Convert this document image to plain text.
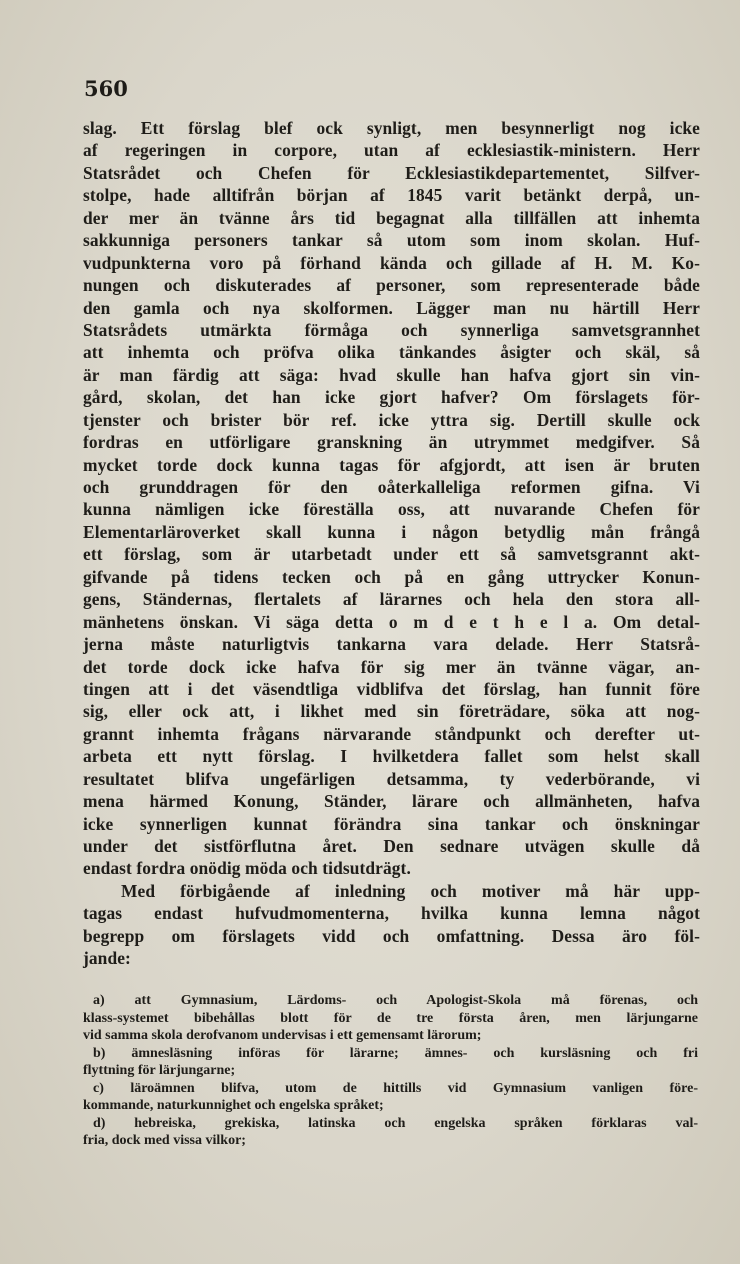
560
slag. Ett förslag blef ock synligt, men besynnerligt nog icke
af regeringen in corpore, utan af ecklesiastik-ministern. Herr
Statsrådet och Chefen för Ecklesiastikdepartementet, Silfver-
stolpe, hade alltifrån början af 1845 varit betänkt derpå, un-
der mer än tvänne års tid begagnat alla tillfällen att inhemta
sakkunniga personers tankar så utom som inom skolan. Huf-
vudpunkterna voro på förhand kända och gillade af H. M. Ko-
nungen och diskuterades af personer, som representerade både
den gamla och nya skolformen. Lägger man nu härtill Herr
Statsrådets utmärkta förmåga och synnerliga samvetsgrannhet
att inhemta och pröfva olika tänkandes åsigter och skäl, så
är man färdig att säga: hvad skulle han hafva gjort sin vin-
gård, skolan, det han icke gjort hafver? Om förslagets för-
tjenster och brister bör ref. icke yttra sig. Dertill skulle ock
fordras en utförligare granskning än utrymmet medgifver. Så
mycket torde dock kunna tagas för afgjordt, att isen är bruten
och grunddragen för den oåterkalleliga reformen gifna. Vi
kunna nämligen icke föreställa oss, att nuvarande Chefen för
Elementarläroverket skall kunna i någon betydlig mån frångå
ett förslag, som är utarbetadt under ett så samvetsgrannt akt-
gifvande på tidens tecken och på en gång uttrycker Konun-
gens, Ständernas, flertalets af lärarnes och hela den stora all-
mänhetens önskan. Vi säga detta o m d e t h e l a. Om detal-
jerna måste naturligtvis tankarna vara delade. Herr Statsrå-
det torde dock icke hafva för sig mer än tvänne vägar, an-
tingen att i det väsendtliga vidblifva det förslag, han funnit före
sig, eller ock att, i likhet med sin företrädare, söka att nog-
grannt inhemta frågans närvarande ståndpunkt och derefter ut-
arbeta ett nytt förslag. I hvilketdera fallet som helst skall
resultatet blifva ungefärligen detsamma, ty vederbörande, vi
mena härmed Konung, Ständer, lärare och allmänheten, hafva
icke synnerligen kunnat förändra sina tankar och önskningar
under det sistförflutna året. Den sednare utvägen skulle då
endast fordra onödig möda och tidsutdrägt.
Med förbigående af inledning och motiver må här upp-
tagas endast hufvudmomenterna, hvilka kunna lemna något
begrepp om förslagets vidd och omfattning. Dessa äro föl-
jande:
a) att Gymnasium, Lärdoms- och Apologist-Skola må förenas, och
klass-systemet bibehållas blott för de tre första åren, men lärjungarne
vid samma skola derofvanom undervisas i ett gemensamt lärorum;
b) ämnesläsning införas för lärarne; ämnes- och kursläsning och fri
flyttning för lärjungarne;
c) läroämnen blifva, utom de hittills vid Gymnasium vanligen före-
kommande, naturkunnighet och engelska språket;
d) hebreiska, grekiska, latinska och engelska språken förklaras val-
fria, dock med vissa vilkor;
